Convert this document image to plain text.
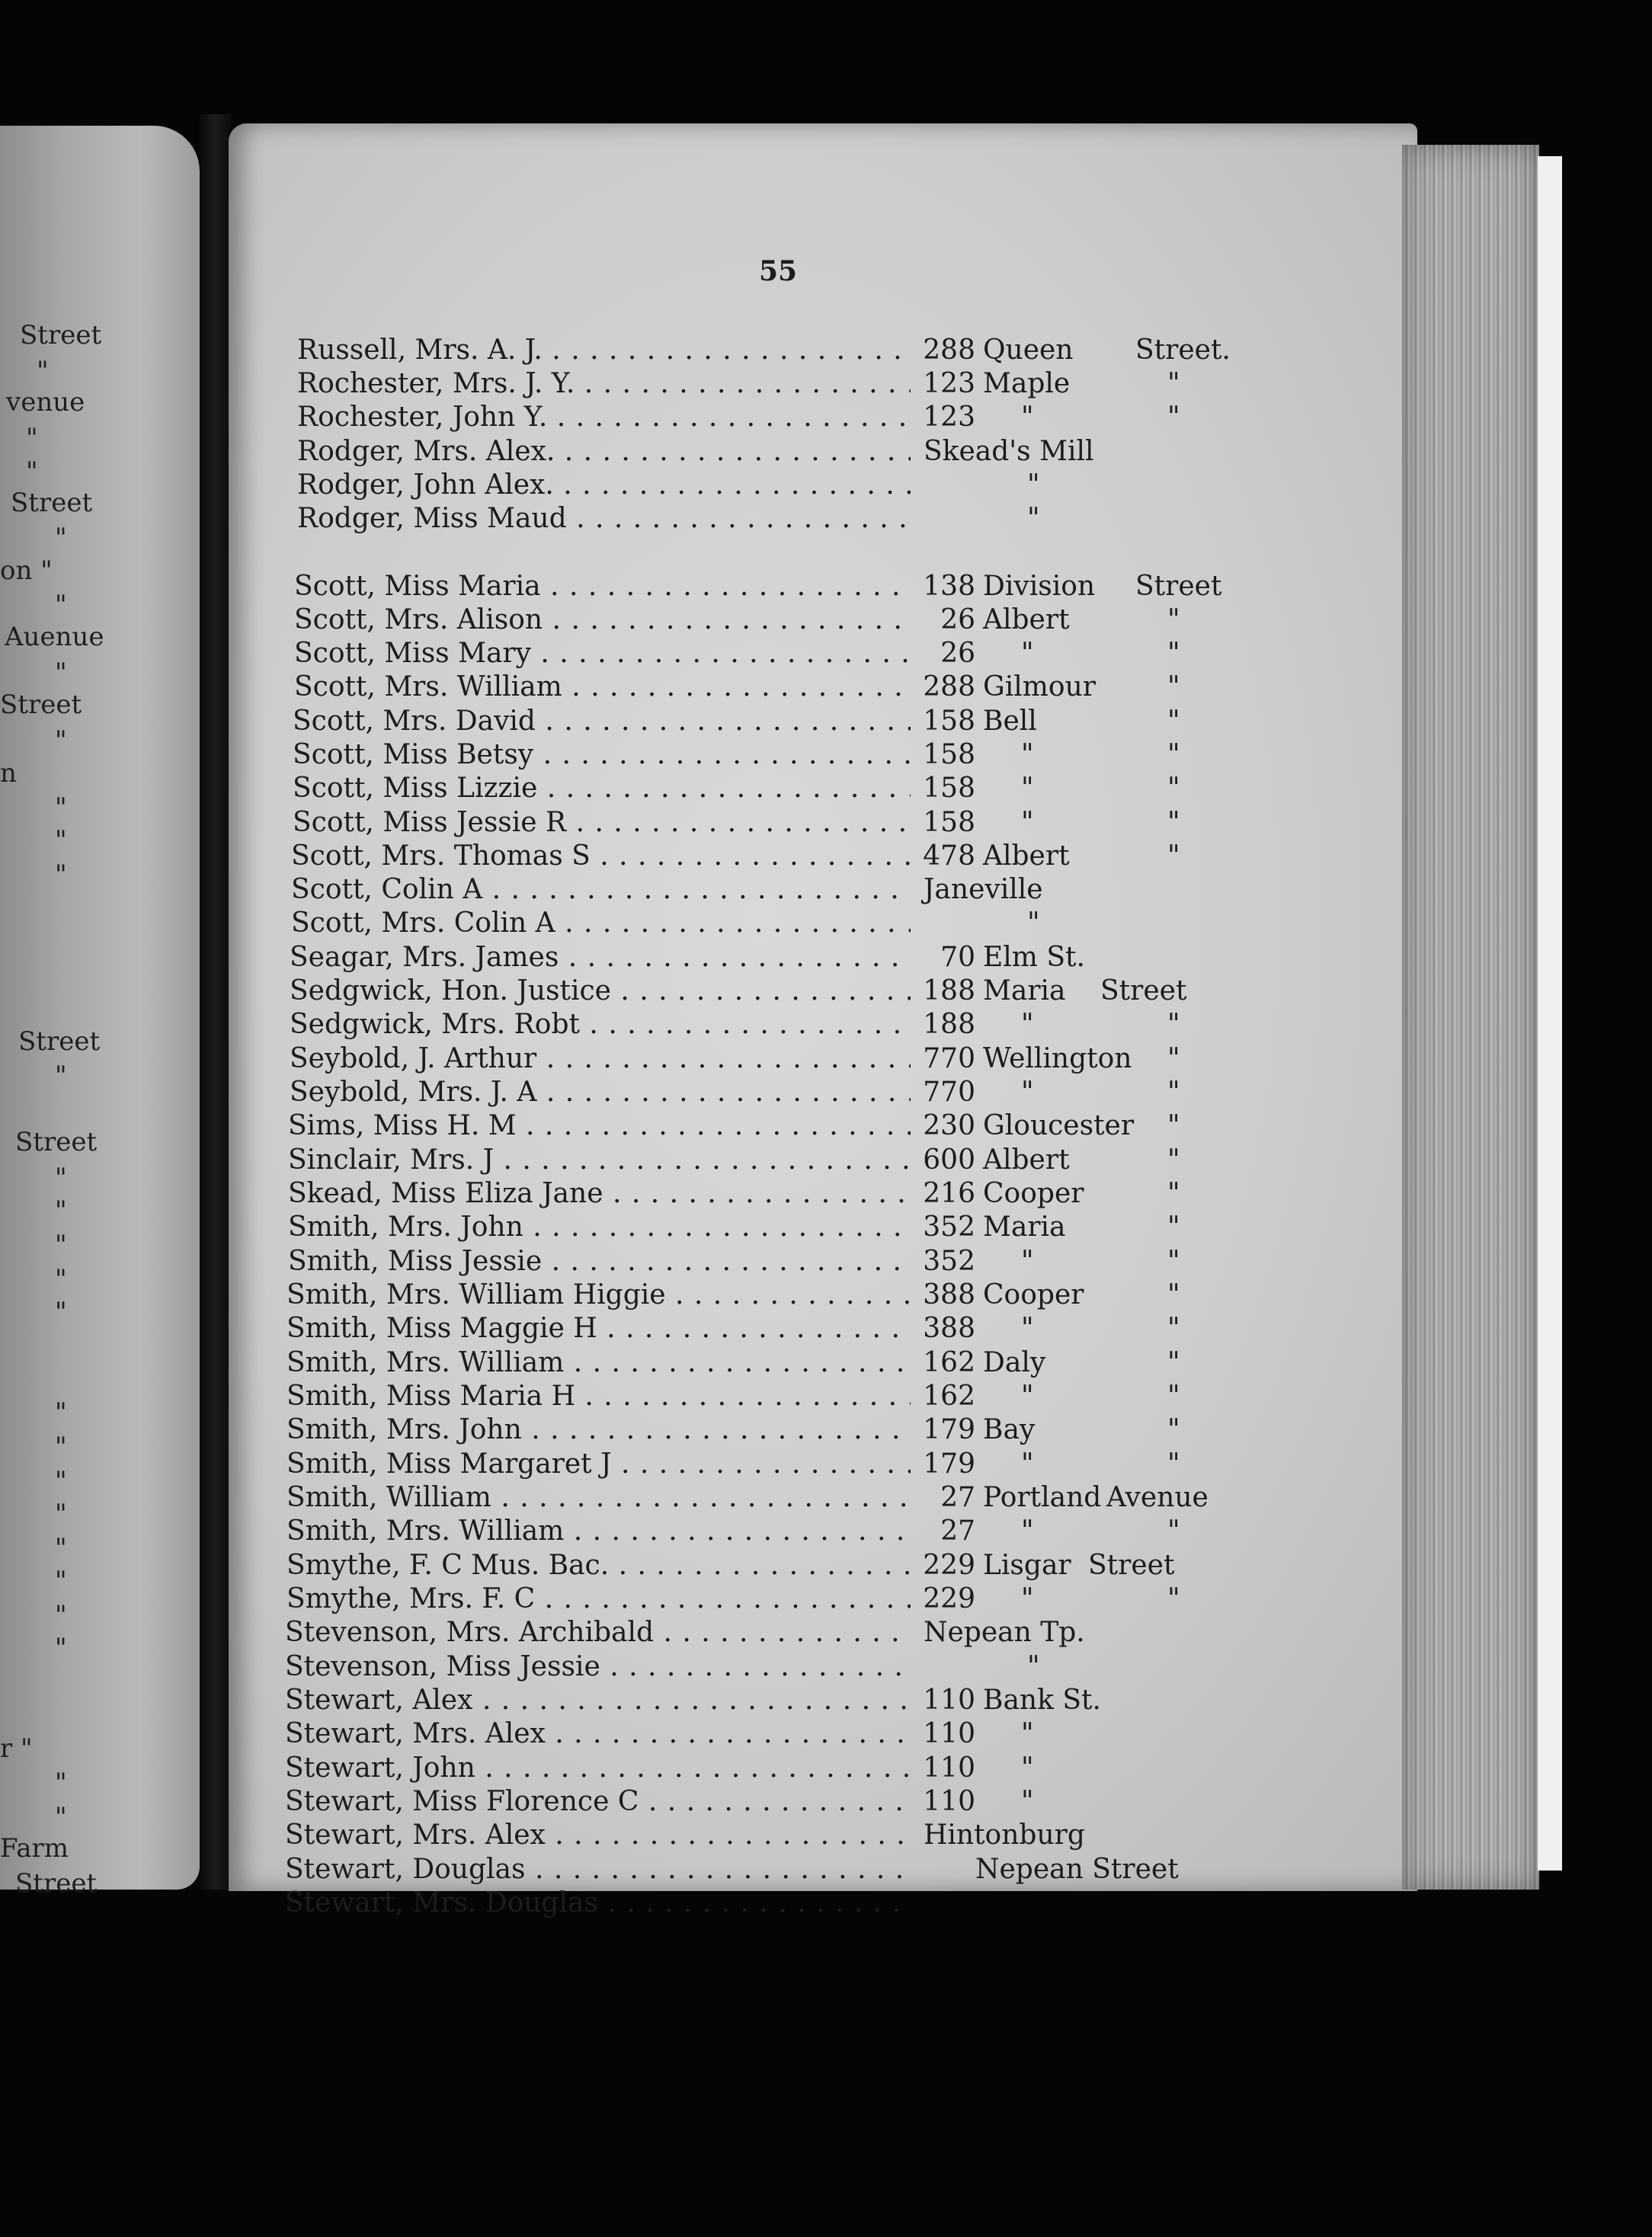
Street
"
venue
"
"
Street
"
on "
"
Auenue
"
Street
"
n
"
"
"
Street
"
Street
"
"
"
"
"
"
"
"
"
"
"
"
"
r "
"
"
Farm
Street
55
Russell, Mrs. A. J. . . .	288 Queen Street.
Rochester, Mrs. J. Y. . . .	123 Maple	"
Rochester, John Y. . . .	123 "	"
Rodger, Mrs. Alex. . . .	Skead's Mill
Rodger, John Alex. . . .	"
Rodger, Miss Maud . . .	"
Scott, Miss Maria . . .	138 Division Street
Scott, Mrs. Alison . . .	26 Albert	"
Scott, Miss Mary . . .	26 "	"
Scott, Mrs. William . . .	288 Gilmour	"
Scott, Mrs. David . . .	158 Bell	"
Scott, Miss Betsy . . .	158 "	"
Scott, Miss Lizzie . . .	158 "	"
Scott, Miss Jessie R . . .	158 "	"
Scott, Mrs. Thomas S . . .	478 Albert	"
Scott, Colin A . . .	Janeville
Scott, Mrs. Colin A . . .	"
Seagar, Mrs. James . . .	70 Elm St.
Sedgwick, Hon. Justice . . .	188 Maria Street
Sedgwick, Mrs. Robt . . .	188 "	"
Seybold, J. Arthur . . .	770 Wellington "
Seybold, Mrs. J. A . . .	770 "	"
Sims, Miss H. M . . .	230 Gloucester "
Sinclair, Mrs. J . . .	600 Albert	"
Skead, Miss Eliza Jane . . .	216 Cooper	"
Smith, Mrs. John . . .	352 Maria	"
Smith, Miss Jessie . . .	352 "	"
Smith, Mrs. William Higgie . . .	388 Cooper	"
Smith, Miss Maggie H . . .	388 "	"
Smith, Mrs. William . . .	162 Daly	"
Smith, Miss Maria H . . .	162 "	"
Smith, Mrs. John . . .	179 Bay	"
Smith, Miss Margaret J . . .	179 "	"
Smith, William . . .	27 Portland Avenue
Smith, Mrs. William . . .	27 "	"
Smythe, F. C Mus. Bac. . . .	229 Lisgar Street
Smythe, Mrs. F. C . . .	229 "	"
Stevenson, Mrs. Archibald . . .	Nepean Tp.
Stevenson, Miss Jessie . . .	"
Stewart, Alex . . .	110 Bank St.
Stewart, Mrs. Alex . . .	110 "
Stewart, John . . .	110 "
Stewart, Miss Florence C . . .	110 "
Stewart, Mrs. Alex . . .	Hintonburg
Stewart, Douglas . . .	Nepean Street
Stewart, Mrs. Douglas . . .
